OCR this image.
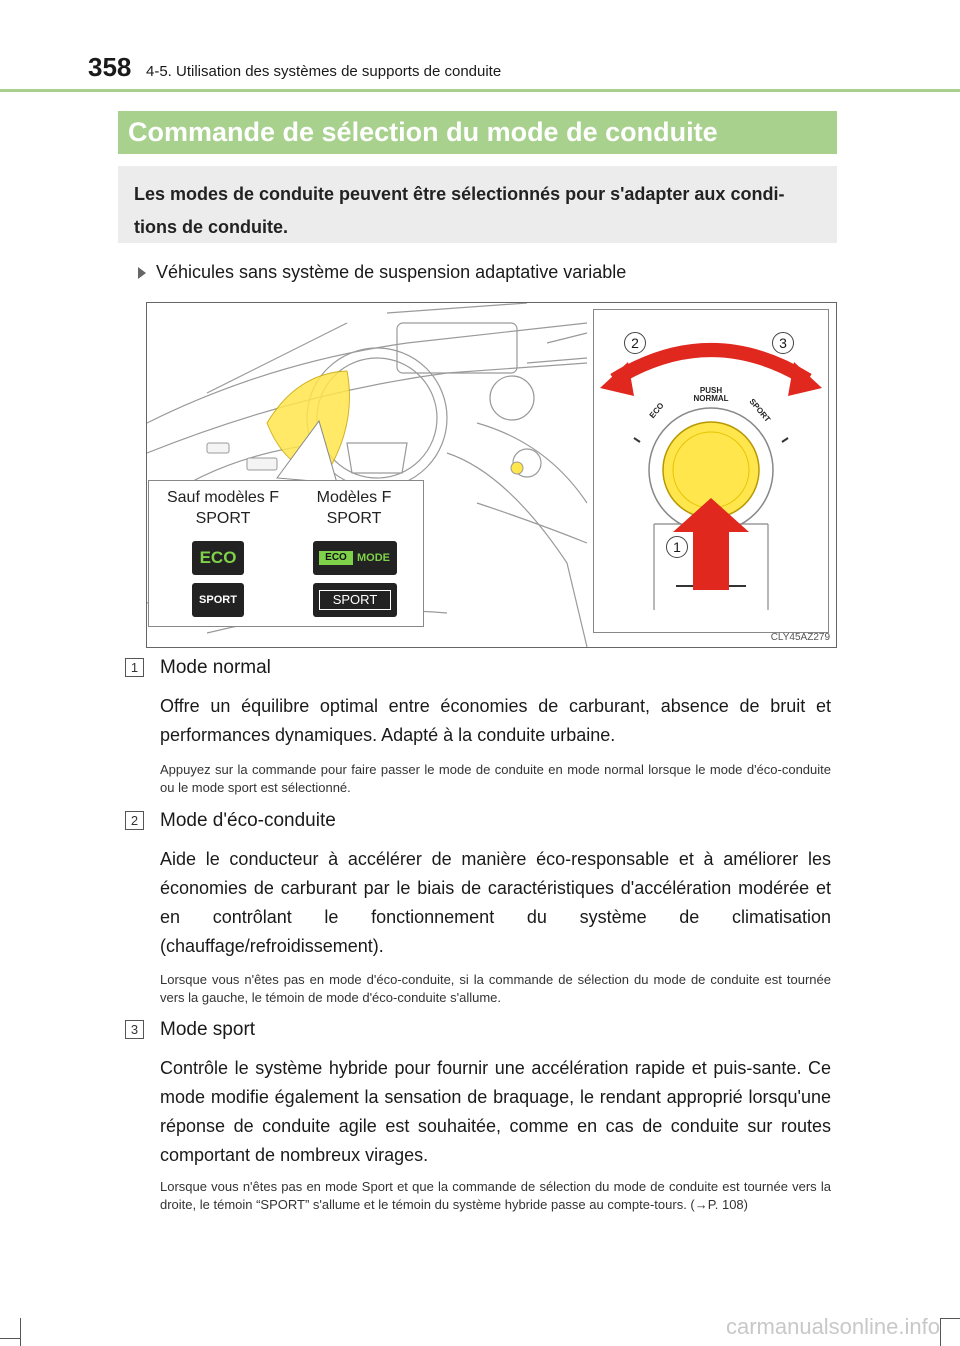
358 4-5. Utilisation des systèmes de supports de conduite
Commande de sélection du mode de conduite
Les modes de conduite peuvent être sélectionnés pour s'adapter aux condi-tions de conduite.
Véhicules sans système de suspension adaptative variable
PUSH
NORMAL
ECO	SPORT
2	3
1
CLY45AZ279
Sauf modèles F SPORT
Modèles F SPORT
ECO	ECO MODE
SPORT	SPORT
1	Mode normal
Offre un équilibre optimal entre économies de carburant, absence de bruit et performances dynamiques. Adapté à la conduite urbaine.
Appuyez sur la commande pour faire passer le mode de conduite en mode normal lorsque le mode d'éco-conduite ou le mode sport est sélectionné.
2	Mode d'éco-conduite
Aide le conducteur à accélérer de manière éco-responsable et à améliorer les économies de carburant par le biais de caractéristiques d'accélération modérée et en contrôlant le fonctionnement du système de climatisation (chauffage/refroidissement).
Lorsque vous n'êtes pas en mode d'éco-conduite, si la commande de sélection du mode de conduite est tournée vers la gauche, le témoin de mode d'éco-conduite s'allume.
3	Mode sport
Contrôle le système hybride pour fournir une accélération rapide et puis-sante. Ce mode modifie également la sensation de braquage, le rendant approprié lorsqu'une réponse de conduite agile est souhaitée, comme en cas de conduite sur routes comportant de nombreux virages.
Lorsque vous n'êtes pas en mode Sport et que la commande de sélection du mode de conduite est tournée vers la droite, le témoin “SPORT” s'allume et le témoin du système hybride passe au compte-tours. (→P. 108)
carmanualsonline.info
